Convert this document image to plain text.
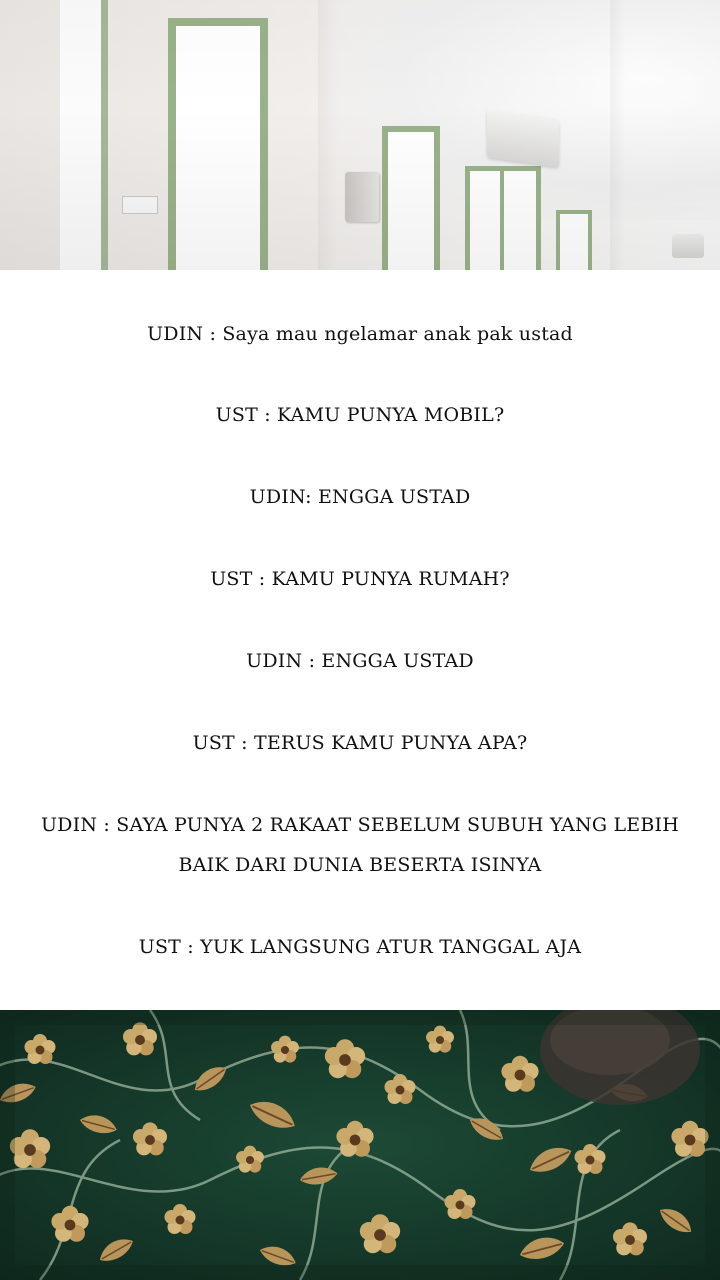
UDIN : Saya mau ngelamar anak pak ustad
UST : KAMU PUNYA MOBIL?
UDIN: ENGGA USTAD
UST : KAMU PUNYA RUMAH?
UDIN : ENGGA USTAD
UST : TERUS KAMU PUNYA APA?
UDIN : SAYA PUNYA 2 RAKAAT SEBELUM SUBUH YANG LEBIH BAIK DARI DUNIA BESERTA ISINYA
UST : YUK LANGSUNG ATUR TANGGAL AJA
